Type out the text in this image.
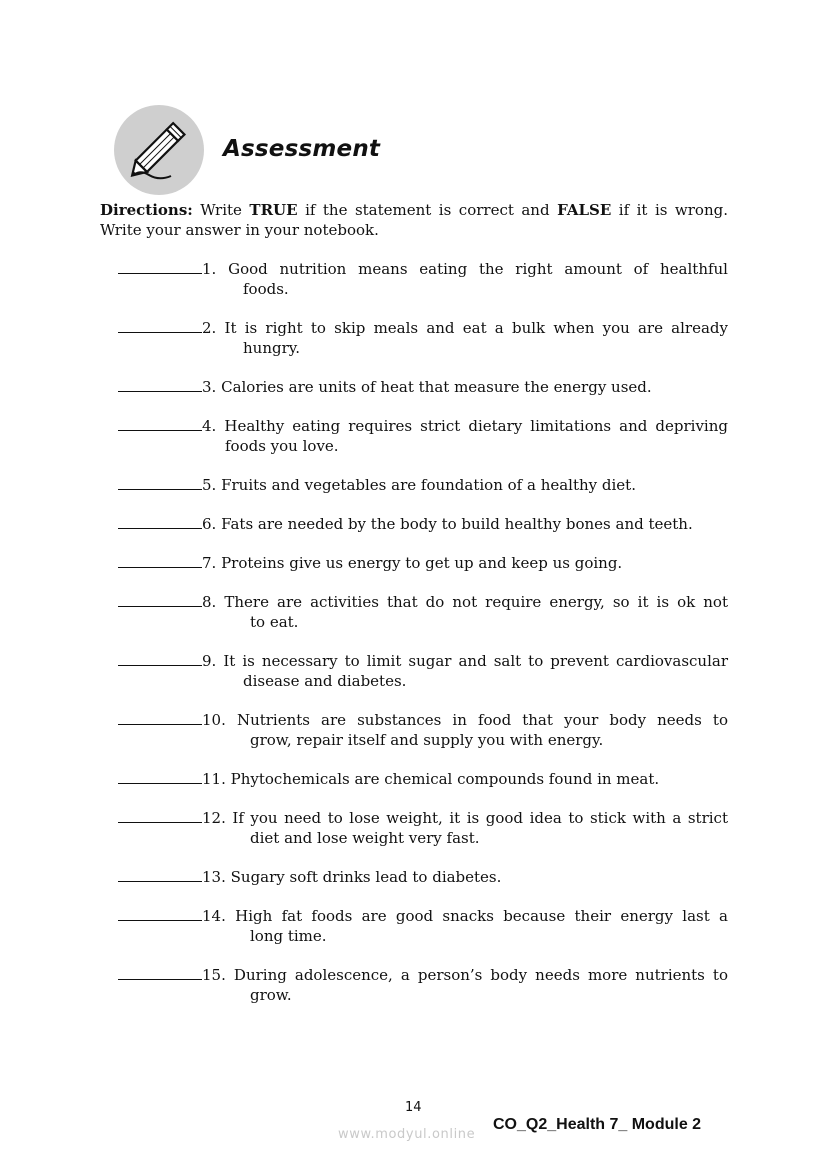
Assessment
Directions: Write TRUE if the statement is correct and FALSE if it is wrong. Write your answer in your notebook.
1. Good nutrition means eating the right amount of healthful
foods.
2. It is right to skip meals and eat a bulk when you are already
hungry.
3. Calories are units of heat that measure the energy used.
4. Healthy eating requires strict dietary limitations and depriving
foods you love.
5. Fruits and vegetables are foundation of a healthy diet.
6. Fats are needed by the body to build healthy bones and teeth.
7. Proteins give us energy to get up and keep us going.
8. There are activities that do not require energy, so it is ok not
to eat.
9. It is necessary to limit sugar and salt to prevent cardiovascular
disease and diabetes.
10. Nutrients are substances in food that your body needs to
grow, repair itself and supply you with energy.
11. Phytochemicals are chemical compounds found in meat.
12. If you need to lose weight, it is good idea to stick with a strict
diet and lose weight very fast.
13. Sugary soft drinks lead to diabetes.
14. High fat foods are good snacks because their energy last a
long time.
15. During adolescence, a person’s body needs more nutrients to
grow.
14
www.modyul.online
CO_Q2_Health 7_ Module 2
